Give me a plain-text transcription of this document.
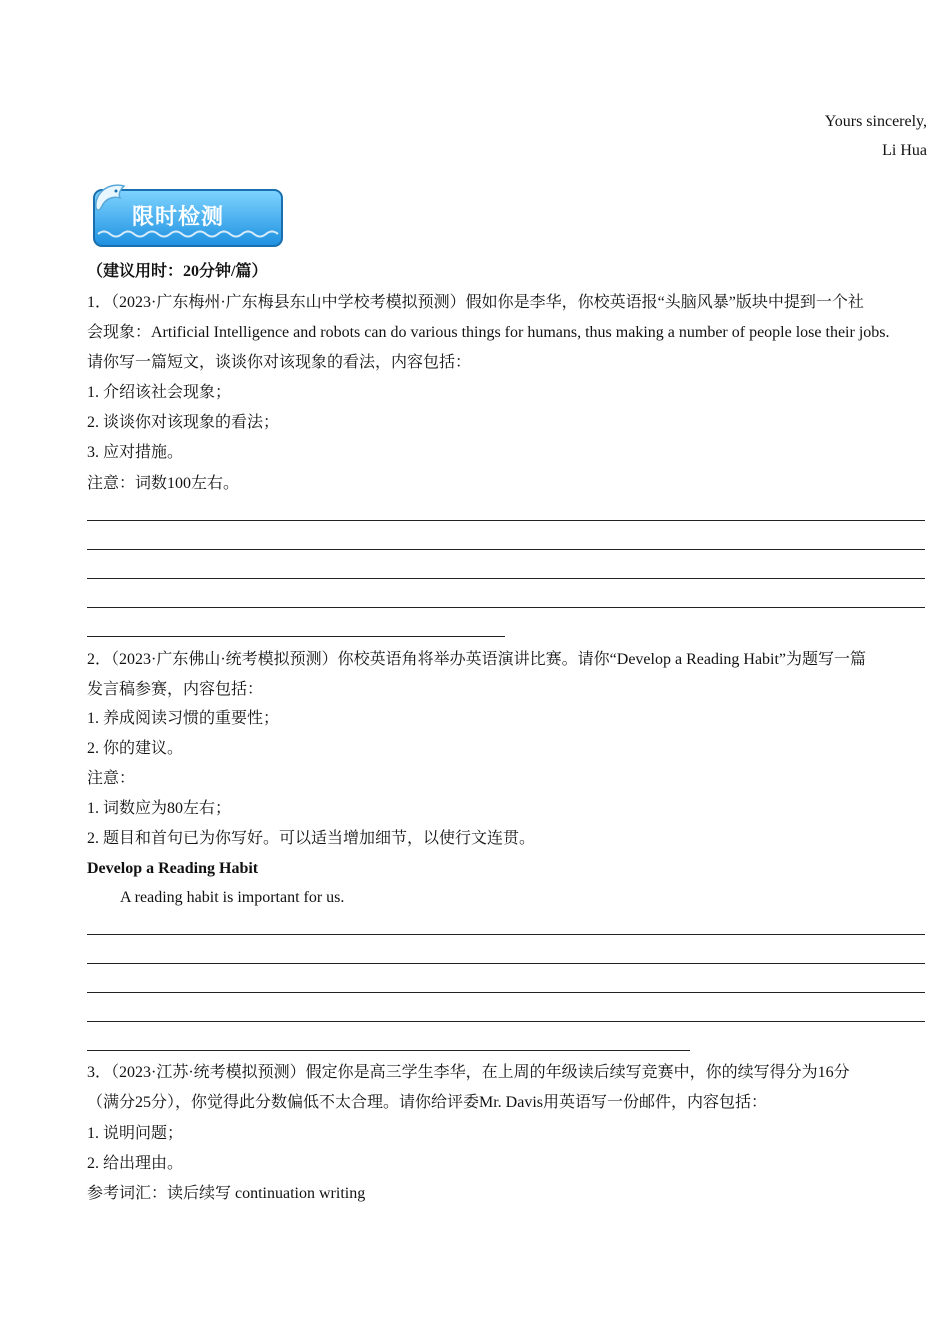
Yours sincerely,
Li Hua
限时检测
（建议用时：20分钟/篇）
1．（2023·广东梅州·广东梅县东山中学校考模拟预测）假如你是李华，你校英语报“头脑风暴”版块中提到一个社
会现象：Artificial Intelligence and robots can do various things for humans, thus making a number of people lose their jobs.
请你写一篇短文，谈谈你对该现象的看法，内容包括：
1. 介绍该社会现象；
2. 谈谈你对该现象的看法；
3. 应对措施。
注意：词数100左右。
2．（2023·广东佛山·统考模拟预测）你校英语角将举办英语演讲比赛。请你“Develop a Reading Habit”为题写一篇
发言稿参赛，内容包括：
1. 养成阅读习惯的重要性；
2. 你的建议。
注意：
1. 词数应为80左右；
2. 题目和首句已为你写好。可以适当增加细节，以使行文连贯。
Develop a Reading Habit
A reading habit is important for us.
3．（2023·江苏·统考模拟预测）假定你是高三学生李华，在上周的年级读后续写竞赛中，你的续写得分为16分
（满分25分），你觉得此分数偏低不太合理。请你给评委Mr. Davis用英语写一份邮件，内容包括：
1. 说明问题；
2. 给出理由。
参考词汇：读后续写 continuation writing
